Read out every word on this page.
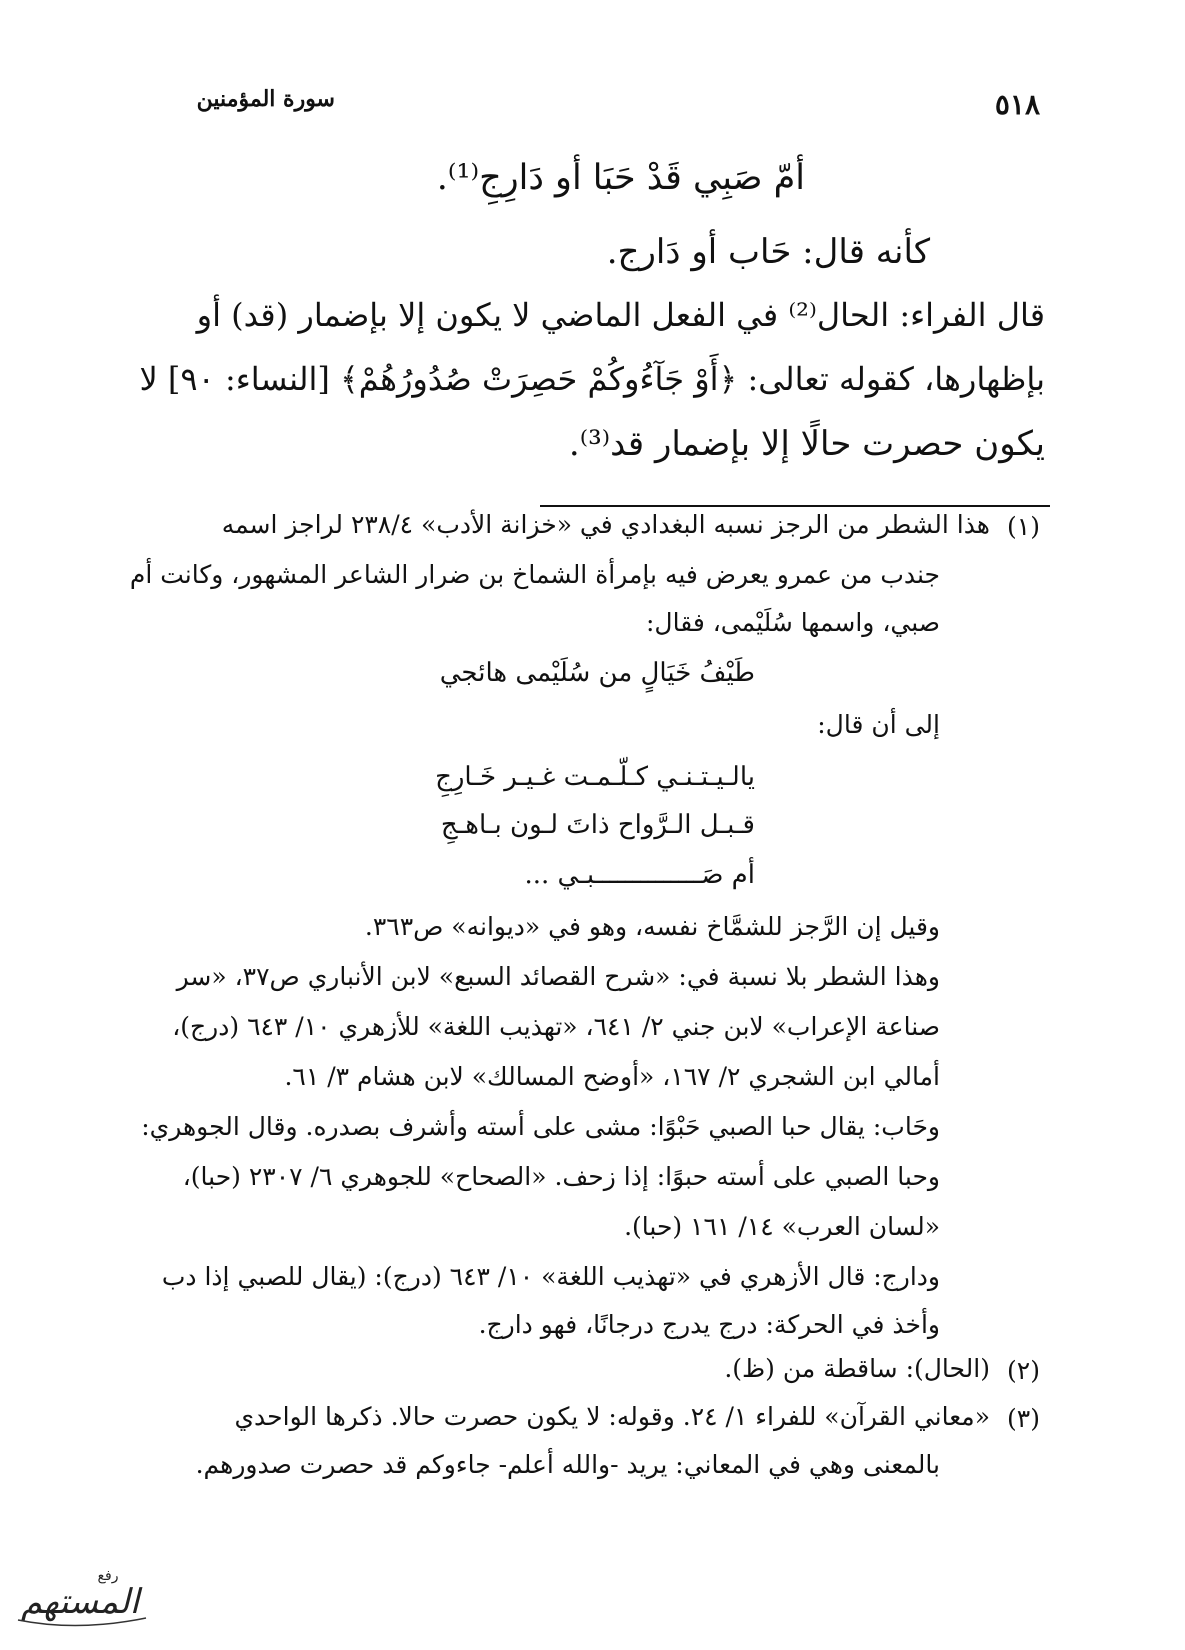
سورة المؤمنين	٥١٨
أمّ صَبِي قَدْ حَبَا أو دَارِجِ⁽¹⁾.
كأنه قال: حَاب أو دَارج.
قال الفراء: الحال⁽²⁾ في الفعل الماضي لا يكون إلا بإضمار (قد) أو
بإظهارها، كقوله تعالى: ﴿أَوْ جَآءُوكُمْ حَصِرَتْ صُدُورُهُمْ﴾ [النساء: ٩٠] لا
يكون حصرت حالًا إلا بإضمار قد⁽³⁾.
(١)
هذا الشطر من الرجز نسبه البغدادي في «خزانة الأدب» ٢٣٨/٤ لراجز اسمه
جندب من عمرو يعرض فيه بإمرأة الشماخ بن ضرار الشاعر المشهور، وكانت أم
صبي، واسمها سُلَيْمى، فقال:
طَيْفُ خَيَالٍ من سُلَيْمى هائجي
إلى أن قال:
يالـيـتـنـي كـلّـمـت غـيـر خَـارِجِ
قـبـل الـرَّواح ذاتَ لـون بـاهـجِ
أم صَــــــــــــــبـي ...
وقيل إن الرَّجز للشمَّاخ نفسه، وهو في «ديوانه» ص٣٦٣.
وهذا الشطر بلا نسبة في: «شرح القصائد السبع» لابن الأنباري ص٣٧، «سر
صناعة الإعراب» لابن جني ٢/ ٦٤١، «تهذيب اللغة» للأزهري ١٠/ ٦٤٣ (درج)،
أمالي ابن الشجري ٢/ ١٦٧، «أوضح المسالك» لابن هشام ٣/ ٦١.
وحَاب: يقال حبا الصبي حَبْوًا: مشى على أسته وأشرف بصدره. وقال الجوهري:
وحبا الصبي على أسته حبوًا: إذا زحف. «الصحاح» للجوهري ٦/ ٢٣٠٧ (حبا)،
«لسان العرب» ١٤/ ١٦١ (حبا).
ودارج: قال الأزهري في «تهذيب اللغة» ١٠/ ٦٤٣ (درج): (يقال للصبي إذا دب
وأخذ في الحركة: درج يدرج درجانًا، فهو دارج.
(٢)
(الحال): ساقطة من (ظ).
(٣)
«معاني القرآن» للفراء ١/ ٢٤. وقوله: لا يكون حصرت حالا. ذكرها الواحدي
بالمعنى وهي في المعاني: يريد -والله أعلم- جاءوكم قد حصرت صدورهم.
رفع
المستهم
